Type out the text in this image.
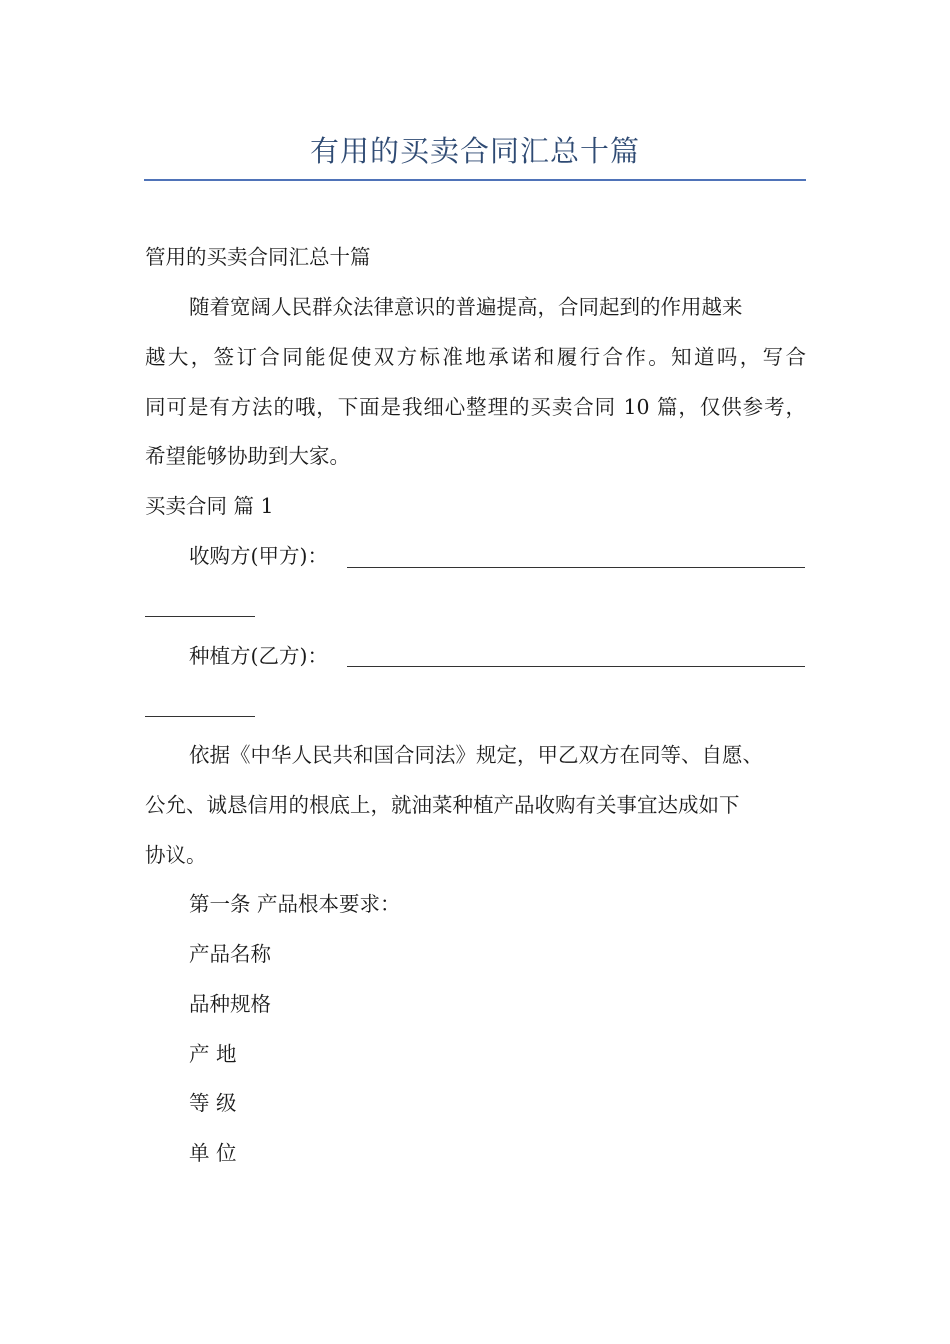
有用的买卖合同汇总十篇
管用的买卖合同汇总十篇
随着宽阔人民群众法律意识的普遍提高，合同起到的作用越来
越大，签订合同能促使双方标准地承诺和履行合作。知道吗，写合
同可是有方法的哦，下面是我细心整理的买卖合同 10 篇，仅供参考，
希望能够协助到大家。
买卖合同 篇 1
收购方(甲方)：
种植方(乙方)：
依据《中华人民共和国合同法》规定，甲乙双方在同等、自愿、
公允、诚恳信用的根底上，就油菜种植产品收购有关事宜达成如下
协议。
第一条 产品根本要求：
产品名称
品种规格
产 地
等 级
单 位
